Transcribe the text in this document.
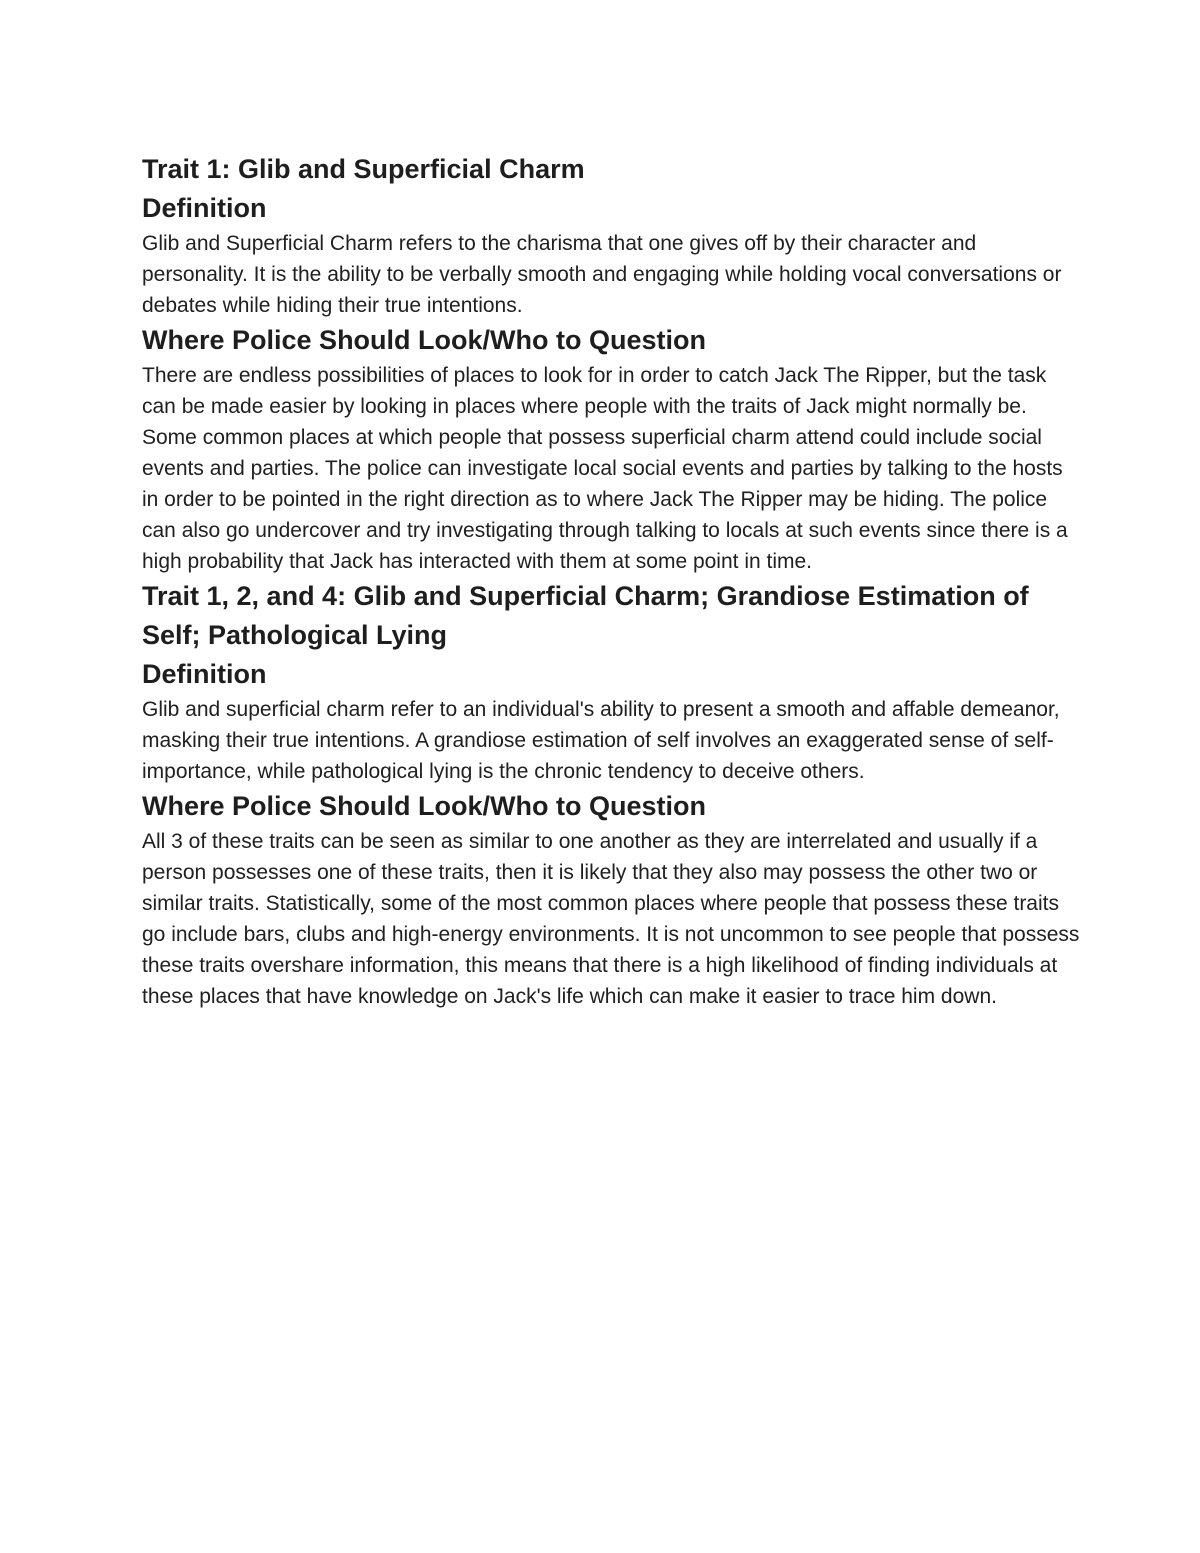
Trait 1: Glib and Superficial Charm
Definition

Glib and Superficial Charm refers to the charisma that one gives off by their character and personality. It is the ability to be verbally smooth and engaging while holding vocal conversations or debates while hiding their true intentions.

Where Police Should Look/Who to Question

There are endless possibilities of places to look for in order to catch Jack The Ripper, but the task can be made easier by looking in places where people with the traits of Jack might normally be. Some common places at which people that possess superficial charm attend could include social events and parties. The police can investigate local social events and parties by talking to the hosts in order to be pointed in the right direction as to where Jack The Ripper may be hiding. The police can also go undercover and try investigating through talking to locals at such events since there is a high probability that Jack has interacted with them at some point in time.

Trait 1, 2, and 4: Glib and Superficial Charm; Grandiose Estimation of Self; Pathological Lying
Definition

Glib and superficial charm refer to an individual's ability to present a smooth and affable demeanor, masking their true intentions. A grandiose estimation of self involves an exaggerated sense of self-importance, while pathological lying is the chronic tendency to deceive others.

Where Police Should Look/Who to Question

All 3 of these traits can be seen as similar to one another as they are interrelated and usually if a person possesses one of these traits, then it is likely that they also may possess the other two or similar traits. Statistically, some of the most common places where people that possess these traits go include bars, clubs and high-energy environments. It is not uncommon to see people that possess these traits overshare information, this means that there is a high likelihood of finding individuals at these places that have knowledge on Jack's life which can make it easier to trace him down.
